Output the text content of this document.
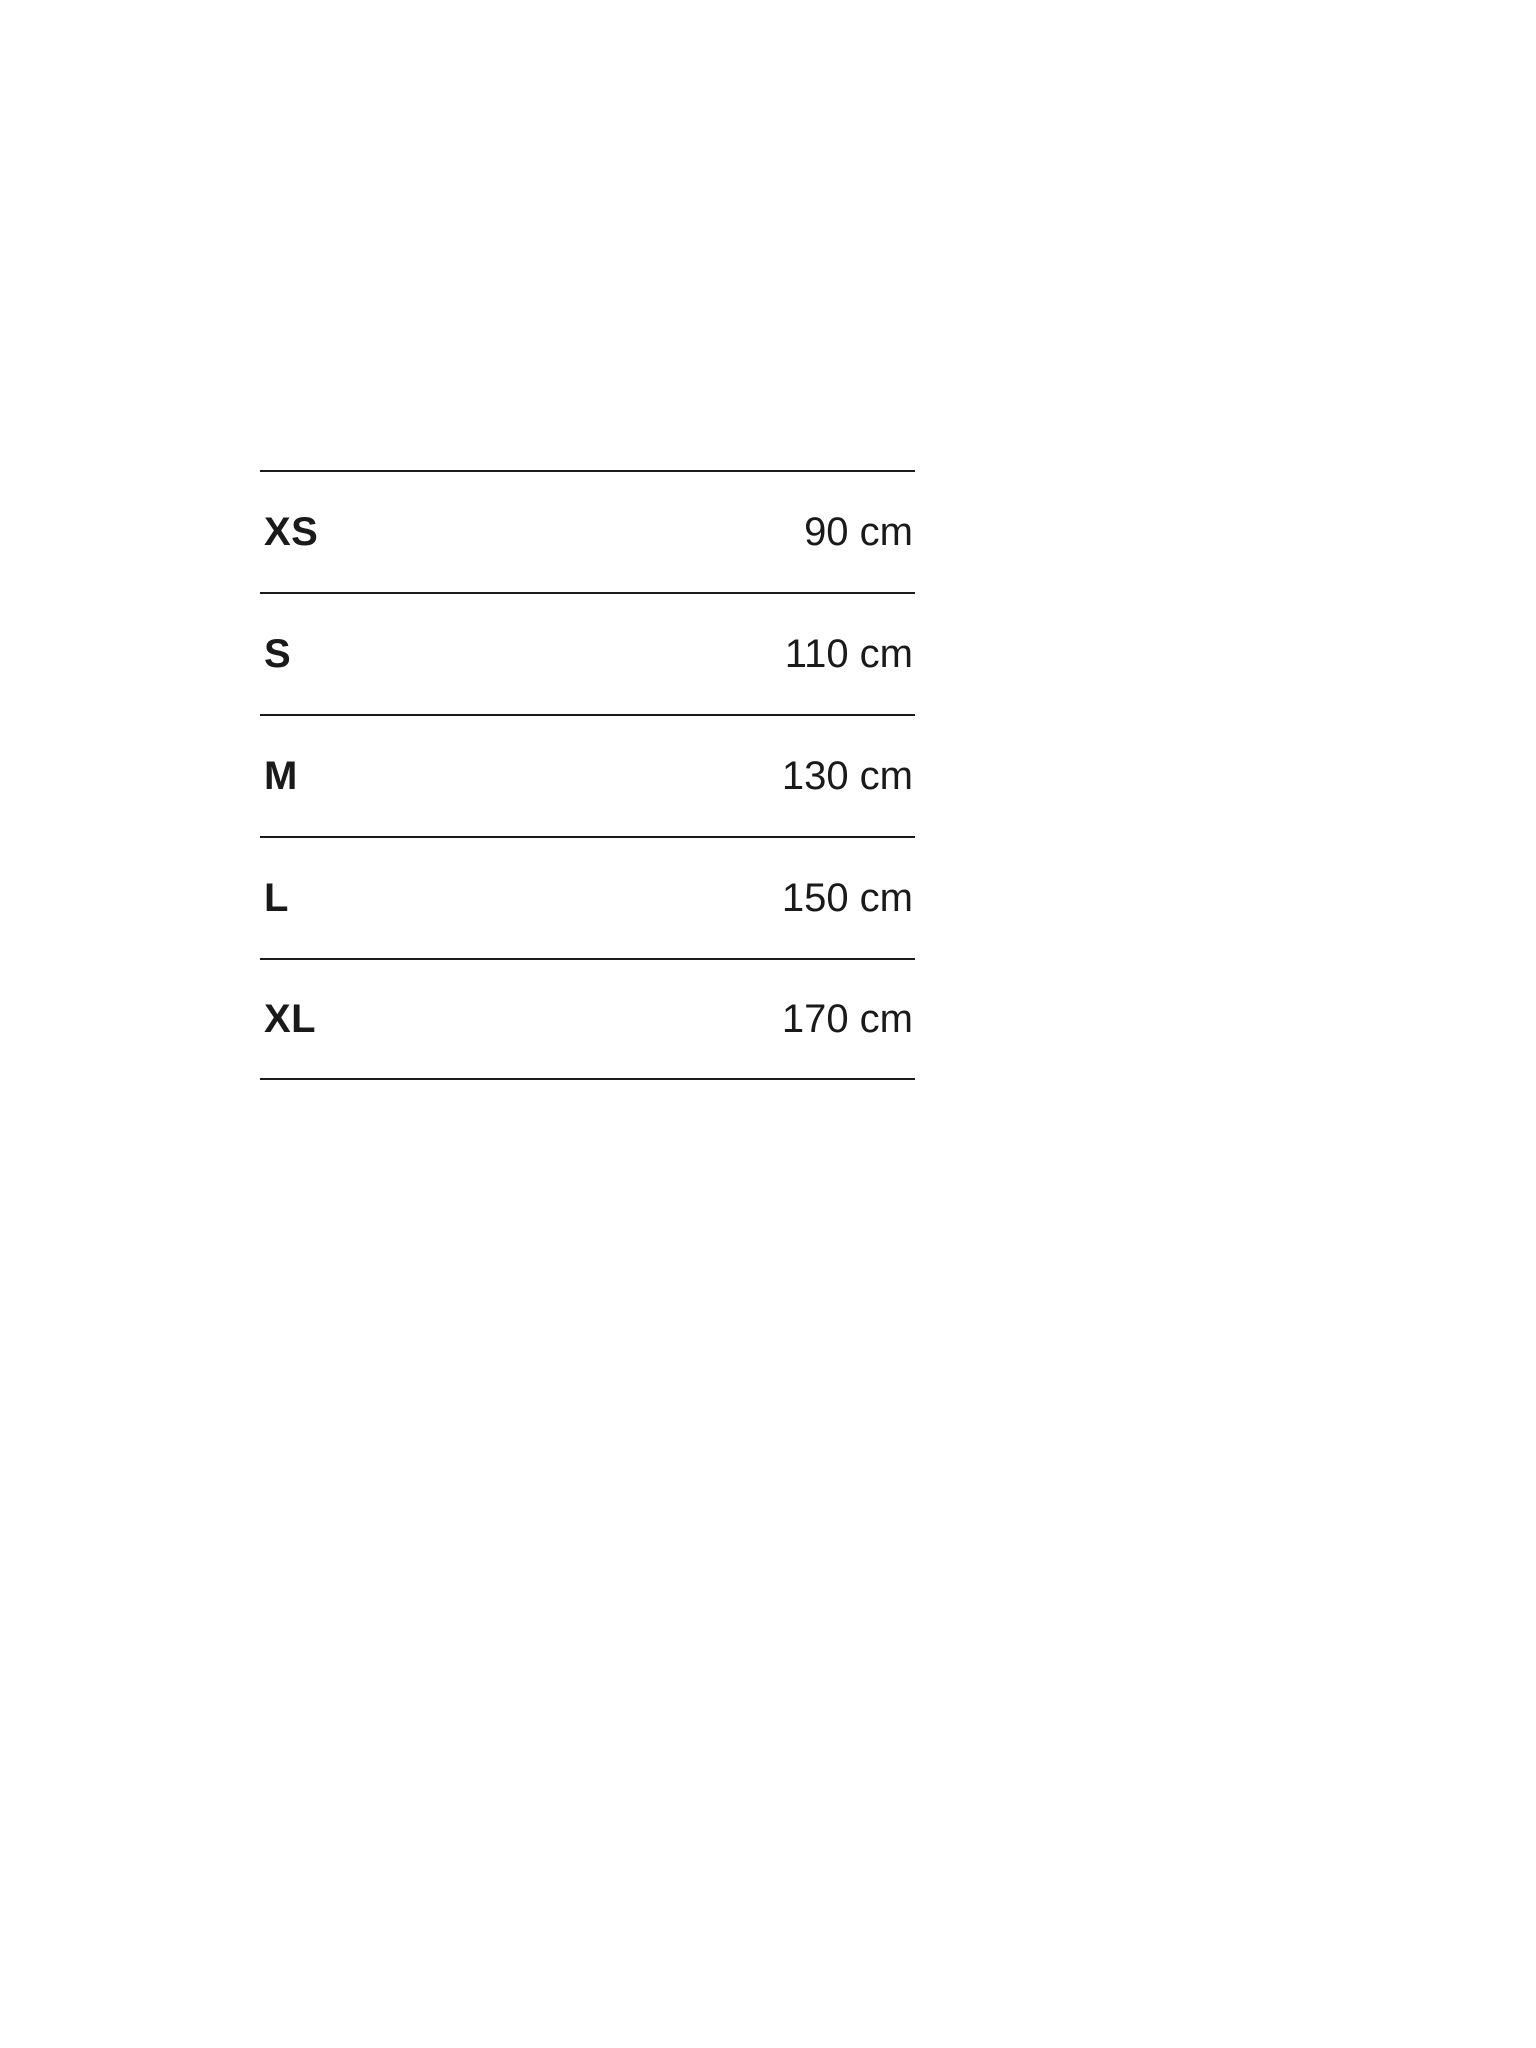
XS	90 cm
S	110 cm
M	130 cm
L	150 cm
XL	170 cm
